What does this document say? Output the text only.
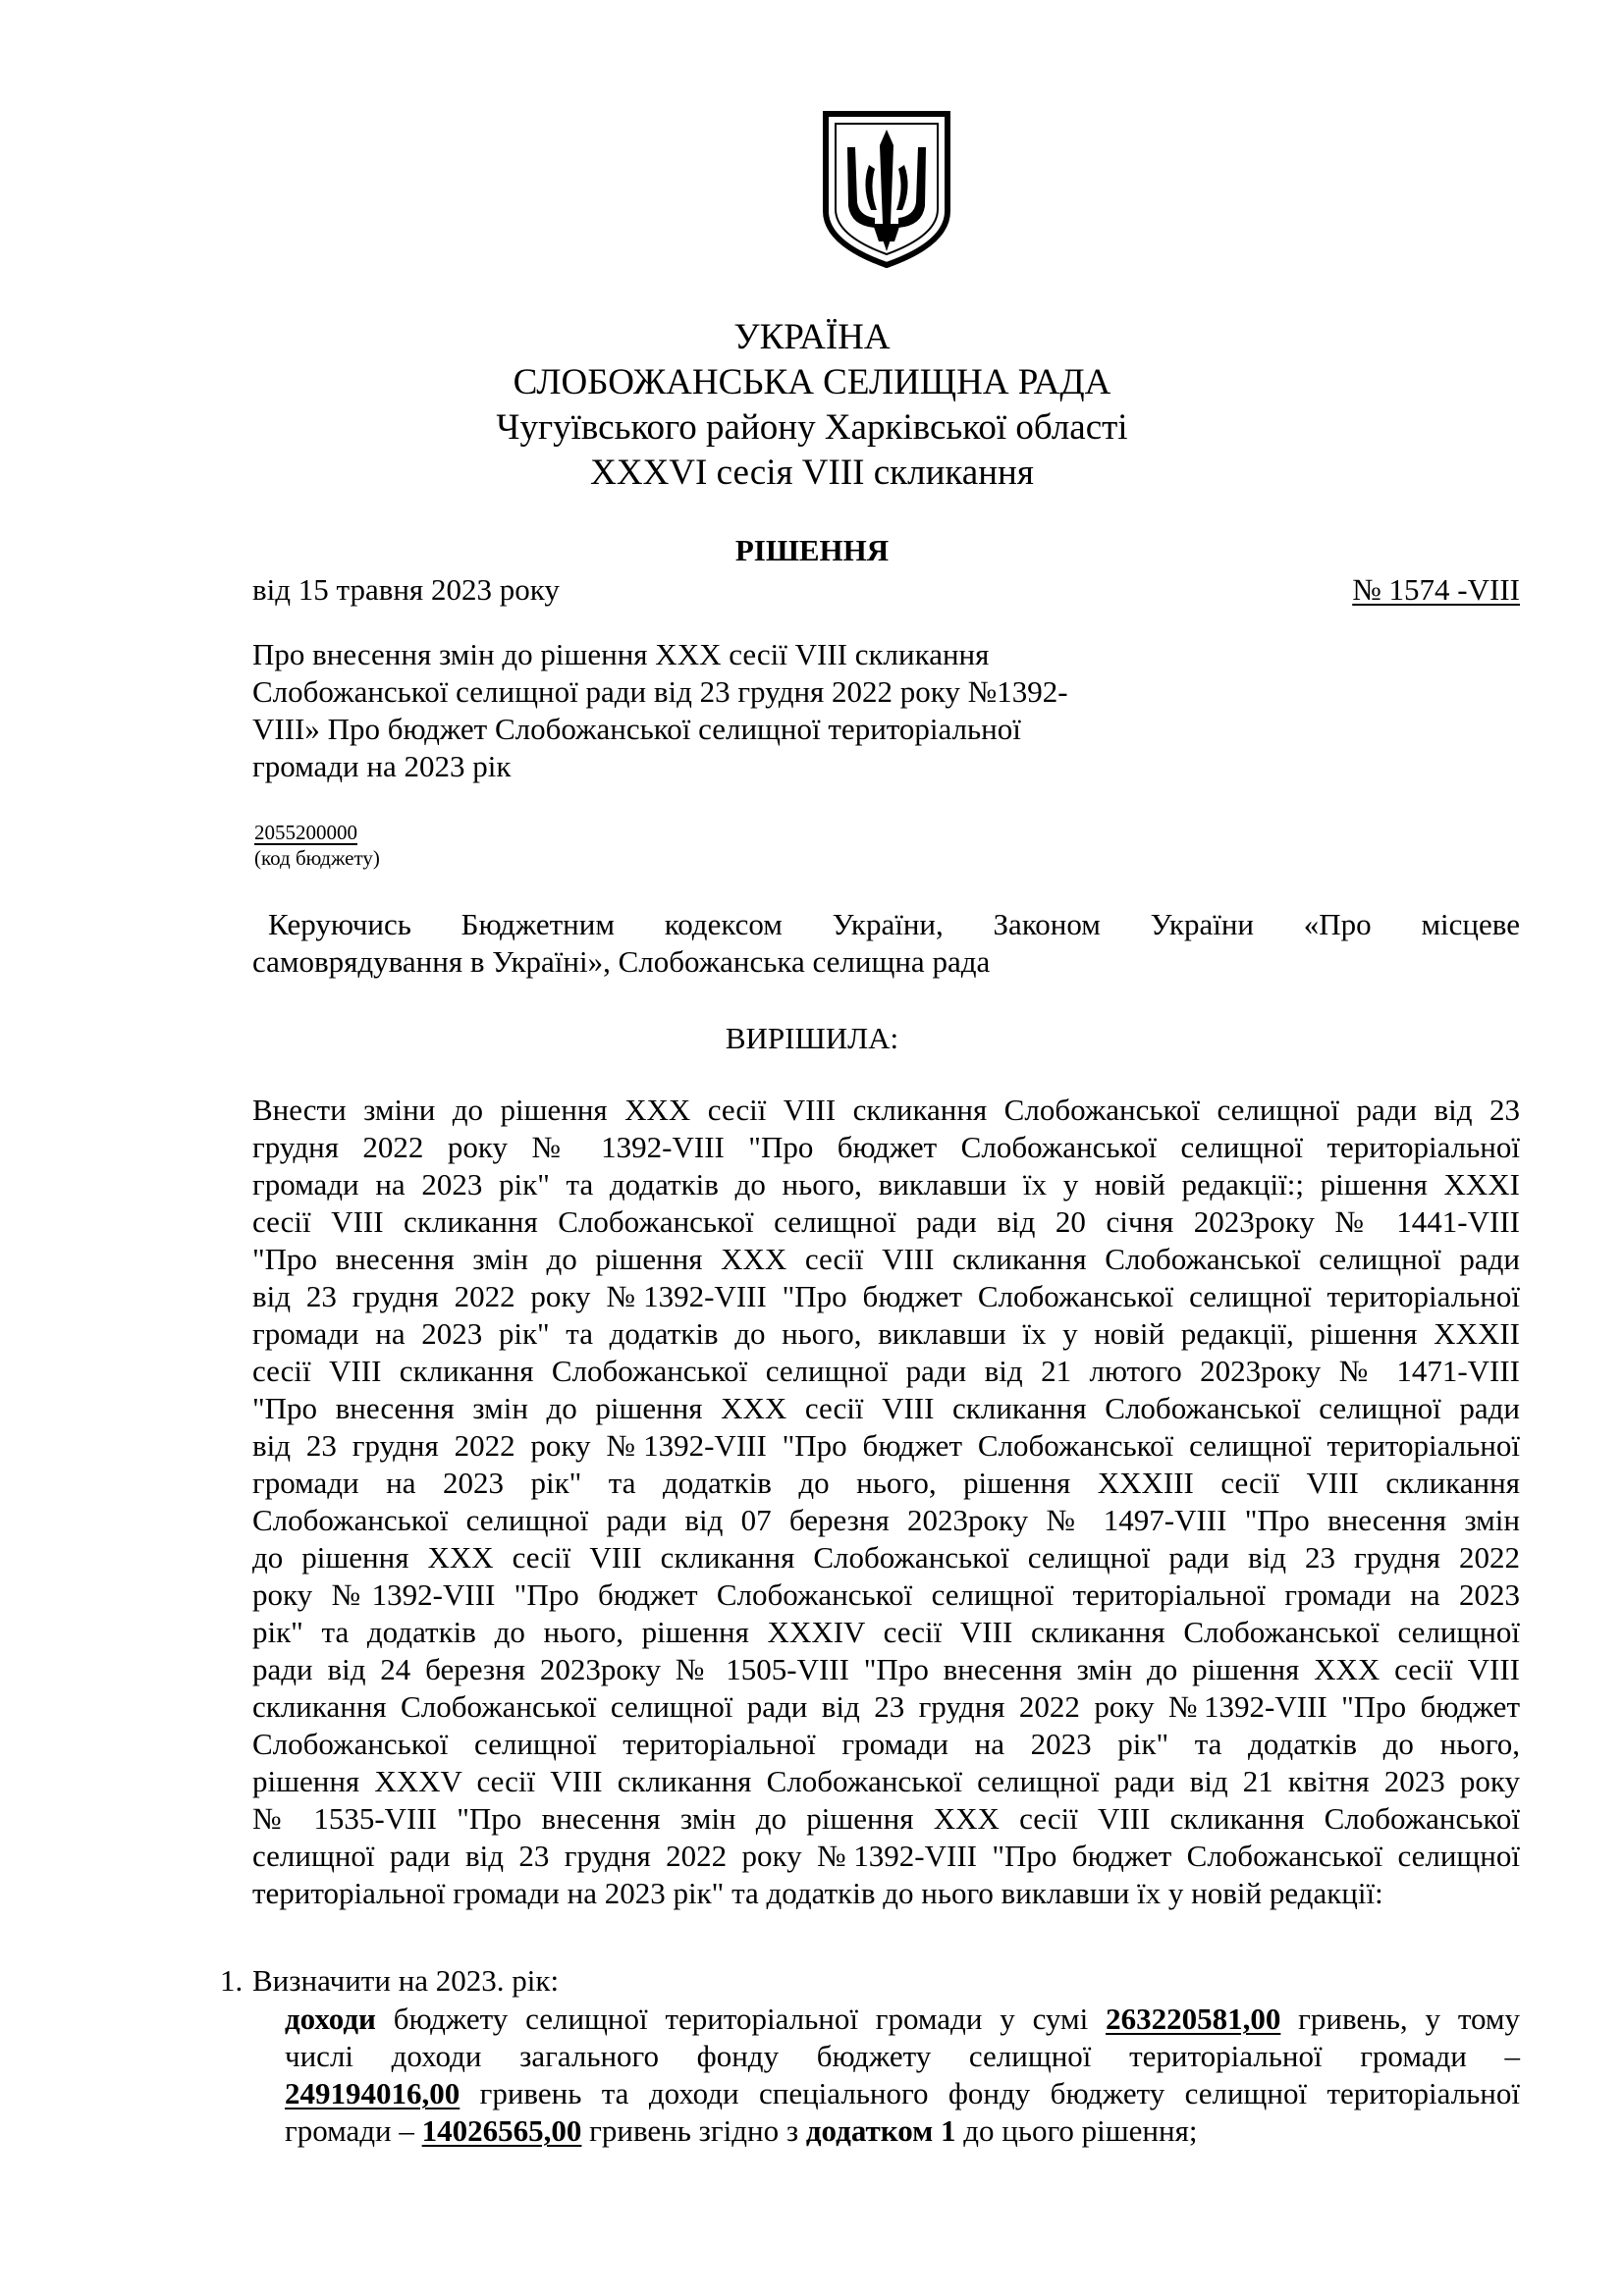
УКРАЇНА
СЛОБОЖАНСЬКА СЕЛИЩНА РАДА
Чугуївського району Харківської області
XXXVI сесія VIII скликання
РІШЕННЯ
від 15 травня 2023 року	№ 1574 -VIII
Про внесення змін до рішення XXX сесії VIII скликання
Слобожанської селищної ради від 23 грудня 2022 року №1392-
VIII» Про бюджет Слобожанської селищної територіальної
громади на 2023 рік
2055200000
(код бюджету)
Керуючись Бюджетним кодексом України, Законом України «Про місцеве
самоврядування в Україні», Слобожанська селищна рада
ВИРІШИЛА:
Внести зміни до рішення XXX сесії VIII скликання Слобожанської селищної ради від 23
грудня 2022 року № 1392-VIII "Про бюджет Слобожанської селищної територіальної
громади на 2023 рік" та додатків до нього, виклавши їх у новій редакції:; рішення XXXI
сесії VIII скликання Слобожанської селищної ради від 20 січня 2023року № 1441-VIII
"Про внесення змін до рішення XXX сесії VIII скликання Слобожанської селищної ради
від 23 грудня 2022 року №1392-VIII "Про бюджет Слобожанської селищної територіальної
громади на 2023 рік" та додатків до нього, виклавши їх у новій редакції, рішення XXXII
сесії VIII скликання Слобожанської селищної ради від 21 лютого 2023року № 1471-VIII
"Про внесення змін до рішення XXX сесії VIII скликання Слобожанської селищної ради
від 23 грудня 2022 року №1392-VIII "Про бюджет Слобожанської селищної територіальної
громади на 2023 рік" та додатків до нього, рішення XXXIII сесії VIII скликання
Слобожанської селищної ради від 07 березня 2023року № 1497-VIII "Про внесення змін
до рішення XXX сесії VIII скликання Слобожанської селищної ради від 23 грудня 2022
року №1392-VIII "Про бюджет Слобожанської селищної територіальної громади на 2023
рік" та додатків до нього, рішення XXXIV сесії VIII скликання Слобожанської селищної
ради від 24 березня 2023року № 1505-VIII "Про внесення змін до рішення XXX сесії VIII
скликання Слобожанської селищної ради від 23 грудня 2022 року №1392-VIII "Про бюджет
Слобожанської селищної територіальної громади на 2023 рік" та додатків до нього,
рішення XXXV сесії VIII скликання Слобожанської селищної ради від 21 квітня 2023 року
№ 1535-VIII "Про внесення змін до рішення XXX сесії VIII скликання Слобожанської
селищної ради від 23 грудня 2022 року №1392-VIII "Про бюджет Слобожанської селищної
територіальної громади на 2023 рік" та додатків до нього виклавши їх у новій редакції:
1. Визначити на 2023. рік:
доходи бюджету селищної територіальної громади у сумі 263220581,00 гривень, у тому
числі доходи загального фонду бюджету селищної територіальної громади –
249194016,00 гривень та доходи спеціального фонду бюджету селищної територіальної
громади – 14026565,00 гривень згідно з додатком 1 до цього рішення;
